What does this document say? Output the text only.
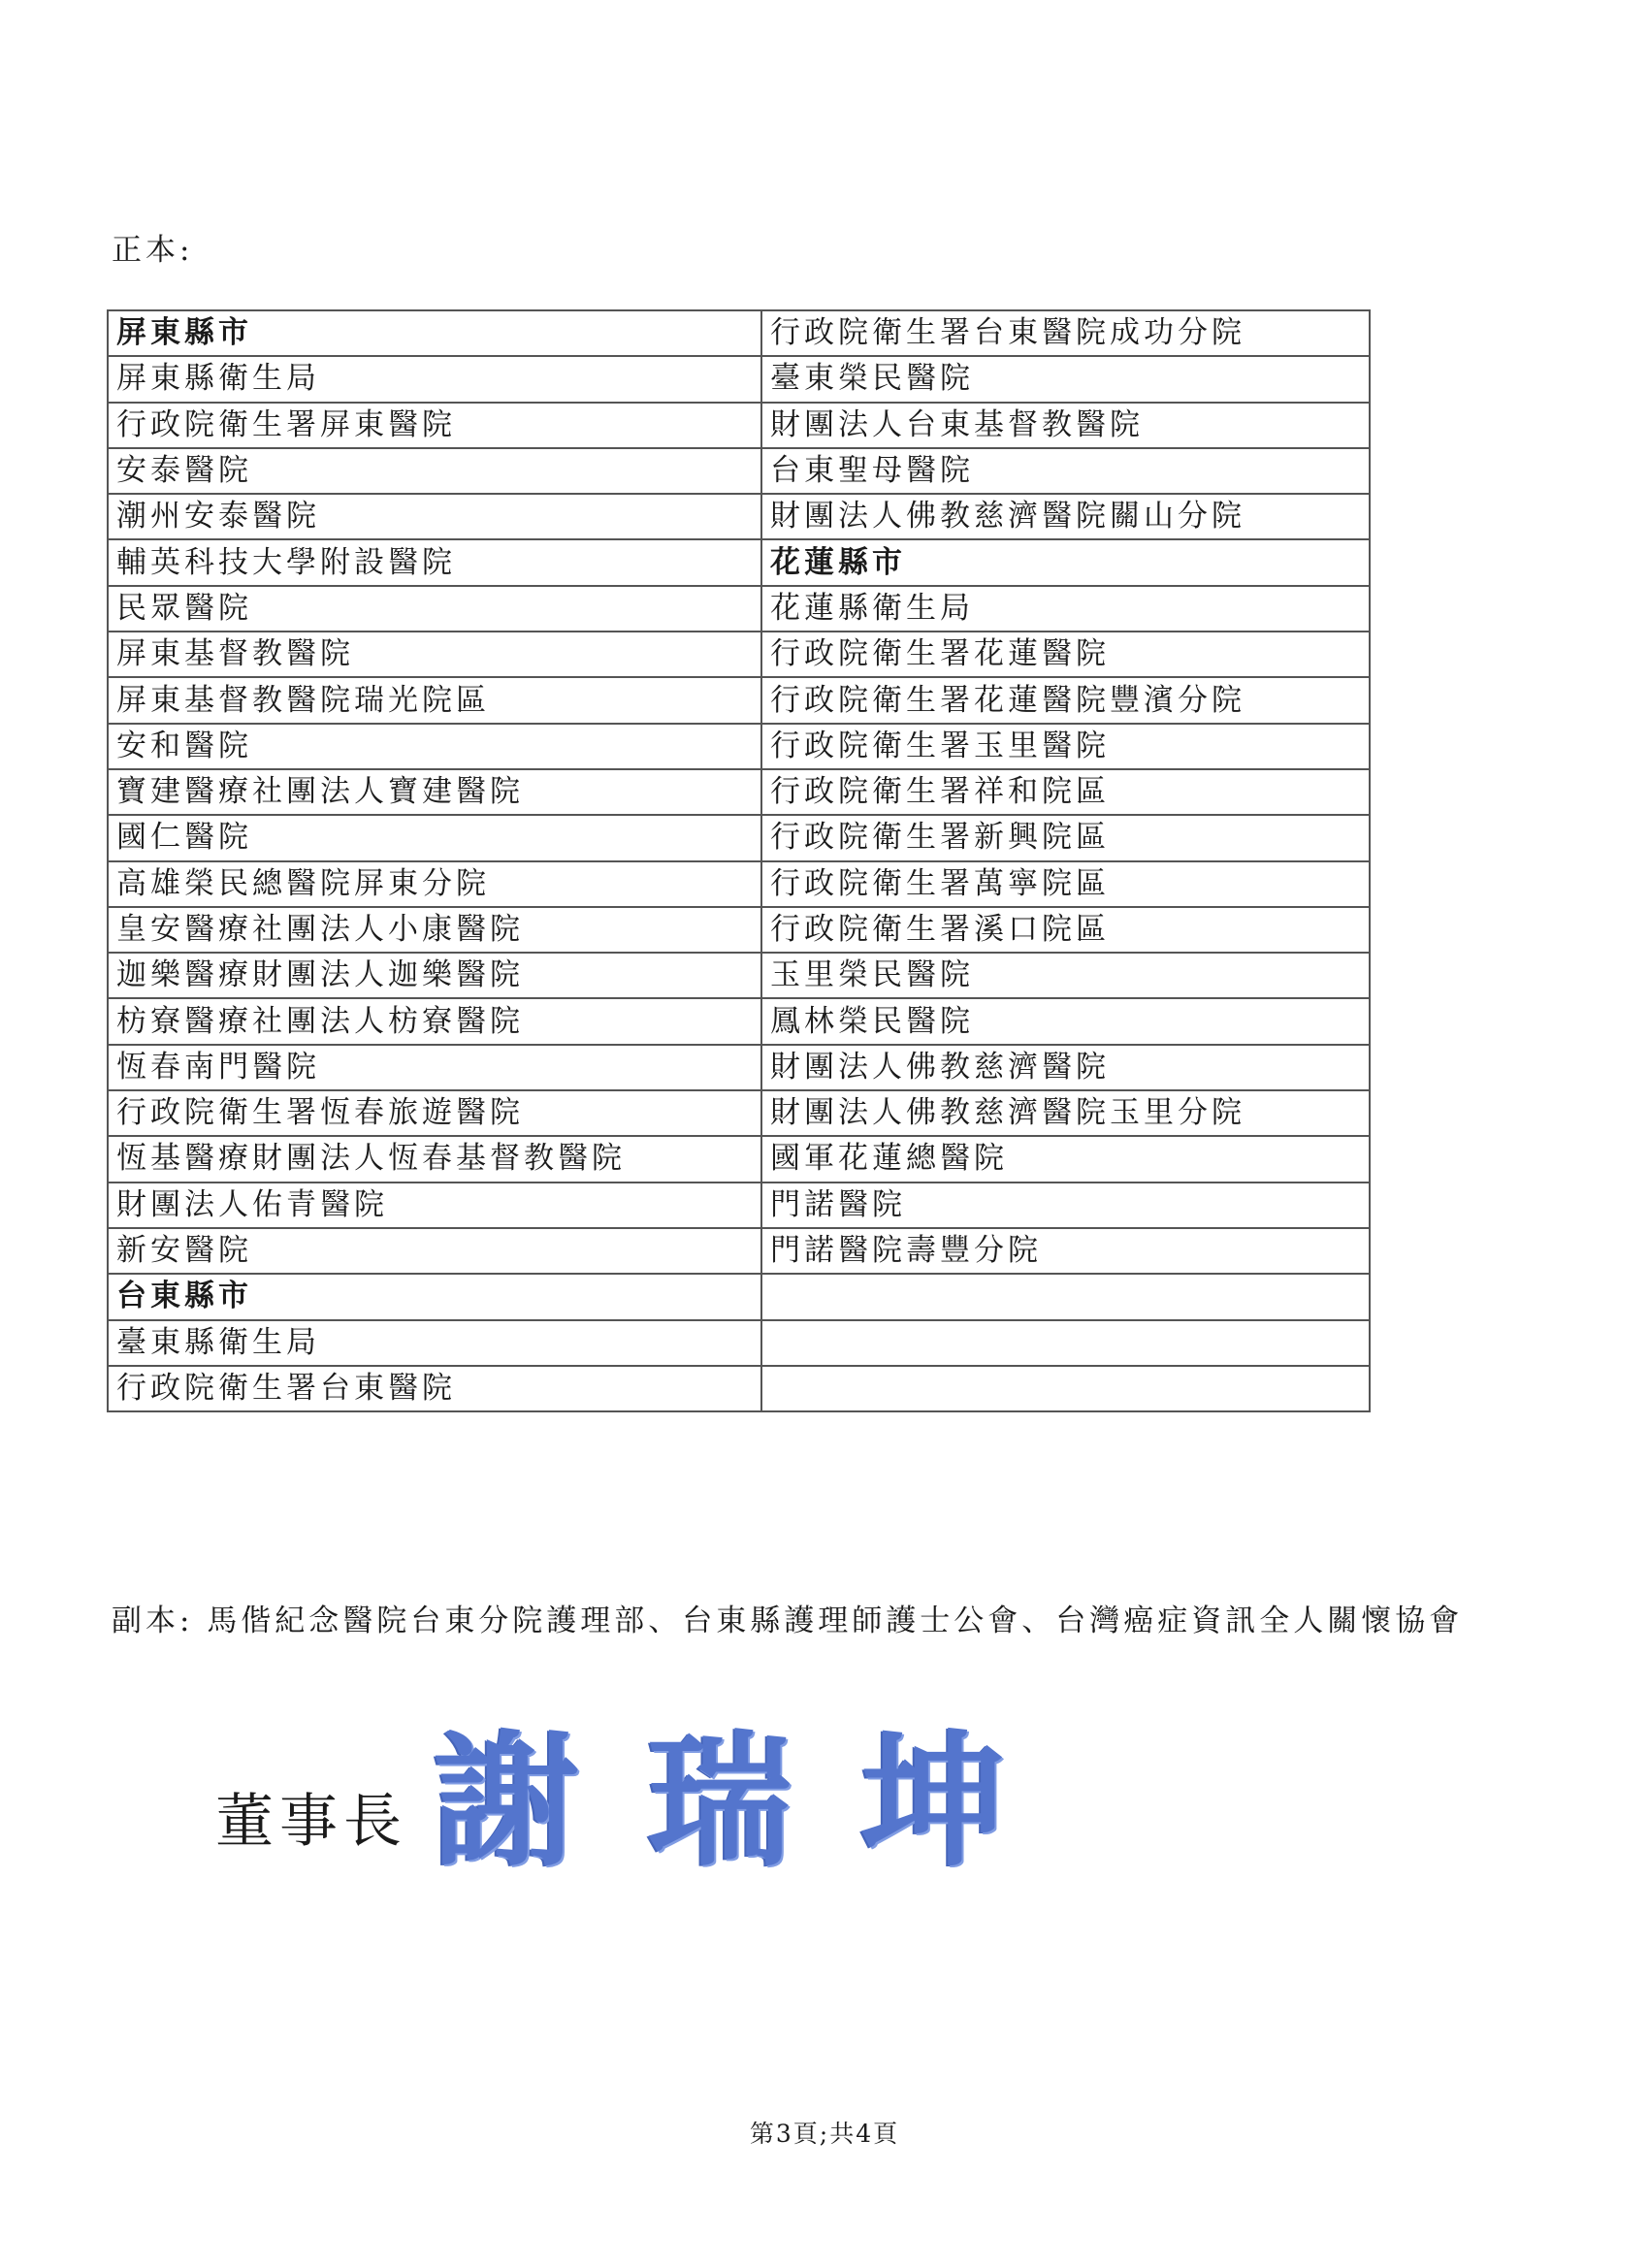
正本:
屏東縣市	行政院衛生署台東醫院成功分院
屏東縣衛生局	臺東榮民醫院
行政院衛生署屏東醫院	財團法人台東基督教醫院
安泰醫院	台東聖母醫院
潮州安泰醫院	財團法人佛教慈濟醫院關山分院
輔英科技大學附設醫院	花蓮縣市
民眾醫院	花蓮縣衛生局
屏東基督教醫院	行政院衛生署花蓮醫院
屏東基督教醫院瑞光院區	行政院衛生署花蓮醫院豐濱分院
安和醫院	行政院衛生署玉里醫院
寶建醫療社團法人寶建醫院	行政院衛生署祥和院區
國仁醫院	行政院衛生署新興院區
高雄榮民總醫院屏東分院	行政院衛生署萬寧院區
皇安醫療社團法人小康醫院	行政院衛生署溪口院區
迦樂醫療財團法人迦樂醫院	玉里榮民醫院
枋寮醫療社團法人枋寮醫院	鳳林榮民醫院
恆春南門醫院	財團法人佛教慈濟醫院
行政院衛生署恆春旅遊醫院	財團法人佛教慈濟醫院玉里分院
恆基醫療財團法人恆春基督教醫院	國軍花蓮總醫院
財團法人佑青醫院	門諾醫院
新安醫院	門諾醫院壽豐分院
台東縣市	
臺東縣衛生局	
行政院衛生署台東醫院	
副本: 馬偕紀念醫院台東分院護理部、台東縣護理師護士公會、台灣癌症資訊全人關懷協會
董事長 謝 瑞 坤
第3頁;共4頁
